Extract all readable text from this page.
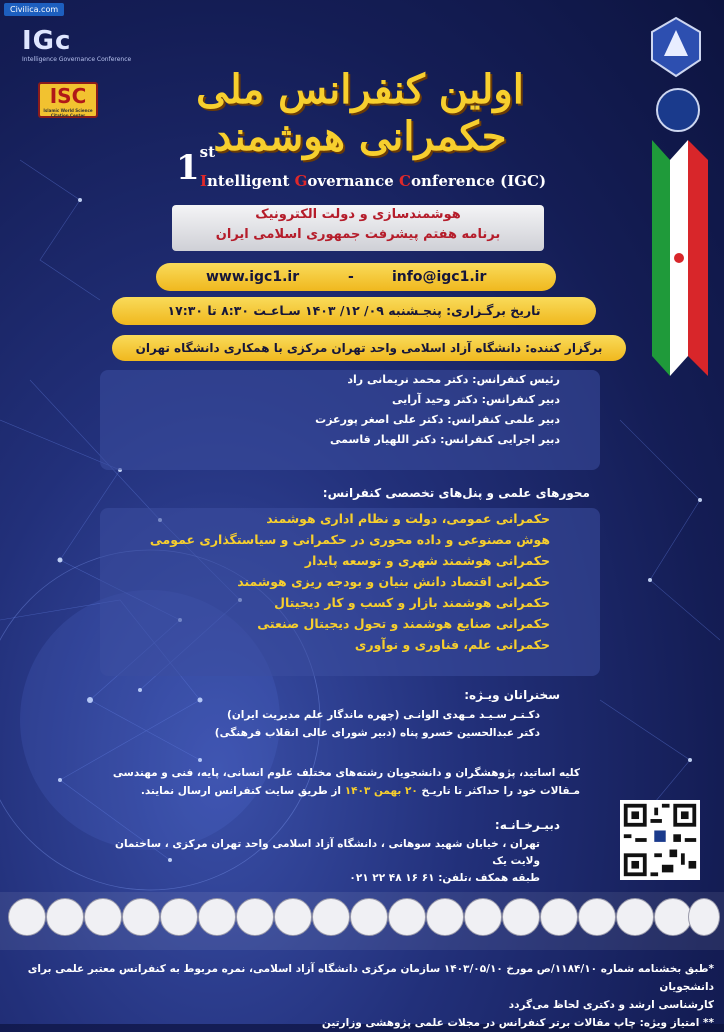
Civilica.com
IGc
Intelligence Governance Conference
ISC
Islamic World Science Citation Center
اولین کنفرانس ملی حکمرانی هوشمند
1st
Intelligent Governance Conference (IGC)
هوشمندسازی و دولت الکترونیک
برنامه هفتم پیشرفت جمهوری اسلامی ایران
www.igc1.ir	-	info@igc1.ir
تاریخ برگـزاری: پنجـشنبه ۰۹/ ۱۲/ ۱۴۰۳ سـاعـت ۸:۳۰ تا ۱۷:۳۰
برگزار کننده: دانشگاه آزاد اسلامی واحد تهران مرکزی با همکاری دانشگاه تهران
رئیس کنفرانس: دکتر محمد نریمانی راد
دبیر کنفرانس: دکتر وحید آرایی
دبیر علمی کنفرانس: دکتر علی اصغر پورعزت
دبیر اجرایی کنفرانس: دکتر اللهیار قاسمی
محورهای علمی و پنل‌های تخصصی کنفرانس:
حکمرانی عمومی، دولت و نظام اداری هوشمند
هوش مصنوعی و داده محوری در حکمرانی و سیاستگذاری عمومی
حکمرانی هوشمند شهری و توسعه پایدار
حکمرانی اقتصاد دانش بنیان و بودجه ریزی هوشمند
حکمرانی هوشمند بازار و کسب و کار دیجیتال
حکمرانی صنایع هوشمند و تحول دیجیتال صنعتی
حکمرانی علم، فناوری و نوآوری
سخنرانان ویـژه:
دکـتـر سـیـد مـهدی الوانـی (چهره ماندگار علم مدیریت ایران)
دکتر عبدالحسین خسرو پناه (دبیر شورای عالی انقلاب فرهنگی)
کلیه اساتید، پژوهشگران و دانشجویان رشته‌های مختلف علوم انسانی، پایه، فنی و مهندسی
مـقالات خود را حداکثر تا تاریـخ ۲۰ بهمن ۱۴۰۳ از طریق سایت کنفرانس ارسال نمایند.
دبیـرخـانـه:
تهران ، خیابان شهید سوهانی ، دانشگاه آزاد اسلامی واحد تهران مرکزی ، ساختمان ولایت یک
طبقه همکف ،تلفن: ۶۱ ۱۶ ۴۸ ۲۲ ۰۲۱
*طبق بخشنامه شماره ۱۱۸۴/۱۰/ص مورخ ۱۴۰۳/۰۵/۱۰ سازمان مرکزی دانشگاه آزاد اسلامی، نمره مربوط به کنفرانس معتبر علمی برای دانشجویان
کارشناسی ارشد و دکتری لحاظ می‌گردد
** امتیاز ویژه: چاپ مقالات برتر کنفرانس در مجلات علمی پژوهشی وزارتین
